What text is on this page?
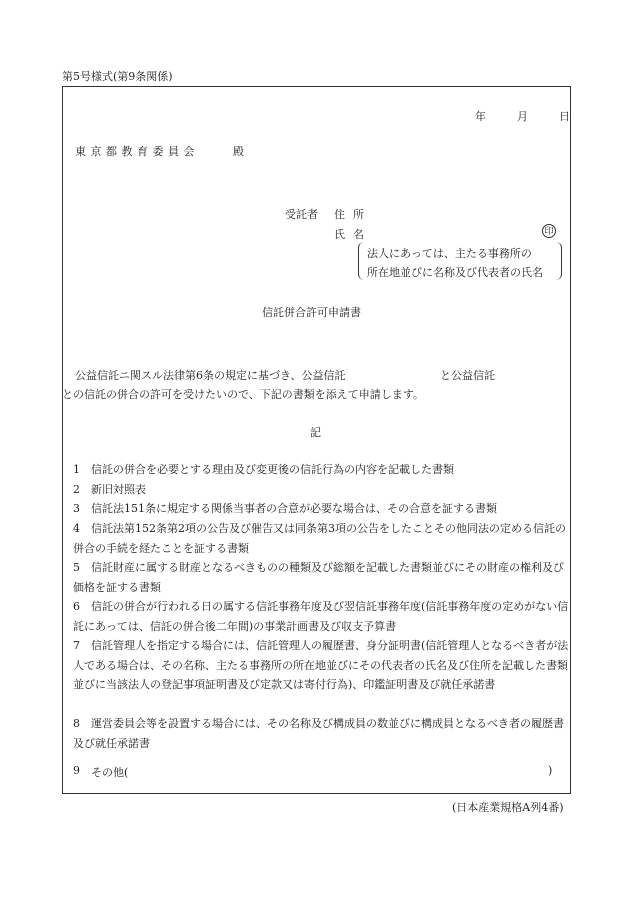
第5号様式(第9条関係)
年	月	日
東京都教育委員会	殿
受託者 住所
氏名	印
法人にあっては、主たる事務所の
所在地並びに名称及び代表者の氏名
信託併合許可申請書
公益信託ニ関スル法律第6条の規定に基づき、公益信託	と公益信託
との信託の併合の許可を受けたいので、下記の書類を添えて申請します。
記
1 信託の併合を必要とする理由及び変更後の信託行為の内容を記載した書類
2 新旧対照表
3 信託法151条に規定する関係当事者の合意が必要な場合は、その合意を証する書類
4 信託法第152条第2項の公告及び催告又は同条第3項の公告をしたことその他同法の定める信託の併合の手続を経たことを証する書類
5 信託財産に属する財産となるべきものの種類及び総額を記載した書類並びにその財産の権利及び価格を証する書類
6 信託の併合が行われる日の属する信託事務年度及び翌信託事務年度(信託事務年度の定めがない信託にあっては、信託の併合後二年間)の事業計画書及び収支予算書
7 信託管理人を指定する場合には、信託管理人の履歴書、身分証明書(信託管理人となるべき者が法人である場合は、その名称、主たる事務所の所在地並びにその代表者の氏名及び住所を記載した書類並びに当該法人の登記事項証明書及び定款又は寄付行為)、印鑑証明書及び就任承諾書
8 運営委員会等を設置する場合には、その名称及び構成員の数並びに構成員となるべき者の履歴書及び就任承諾書
9 その他(	)
(日本産業規格A列4番)
